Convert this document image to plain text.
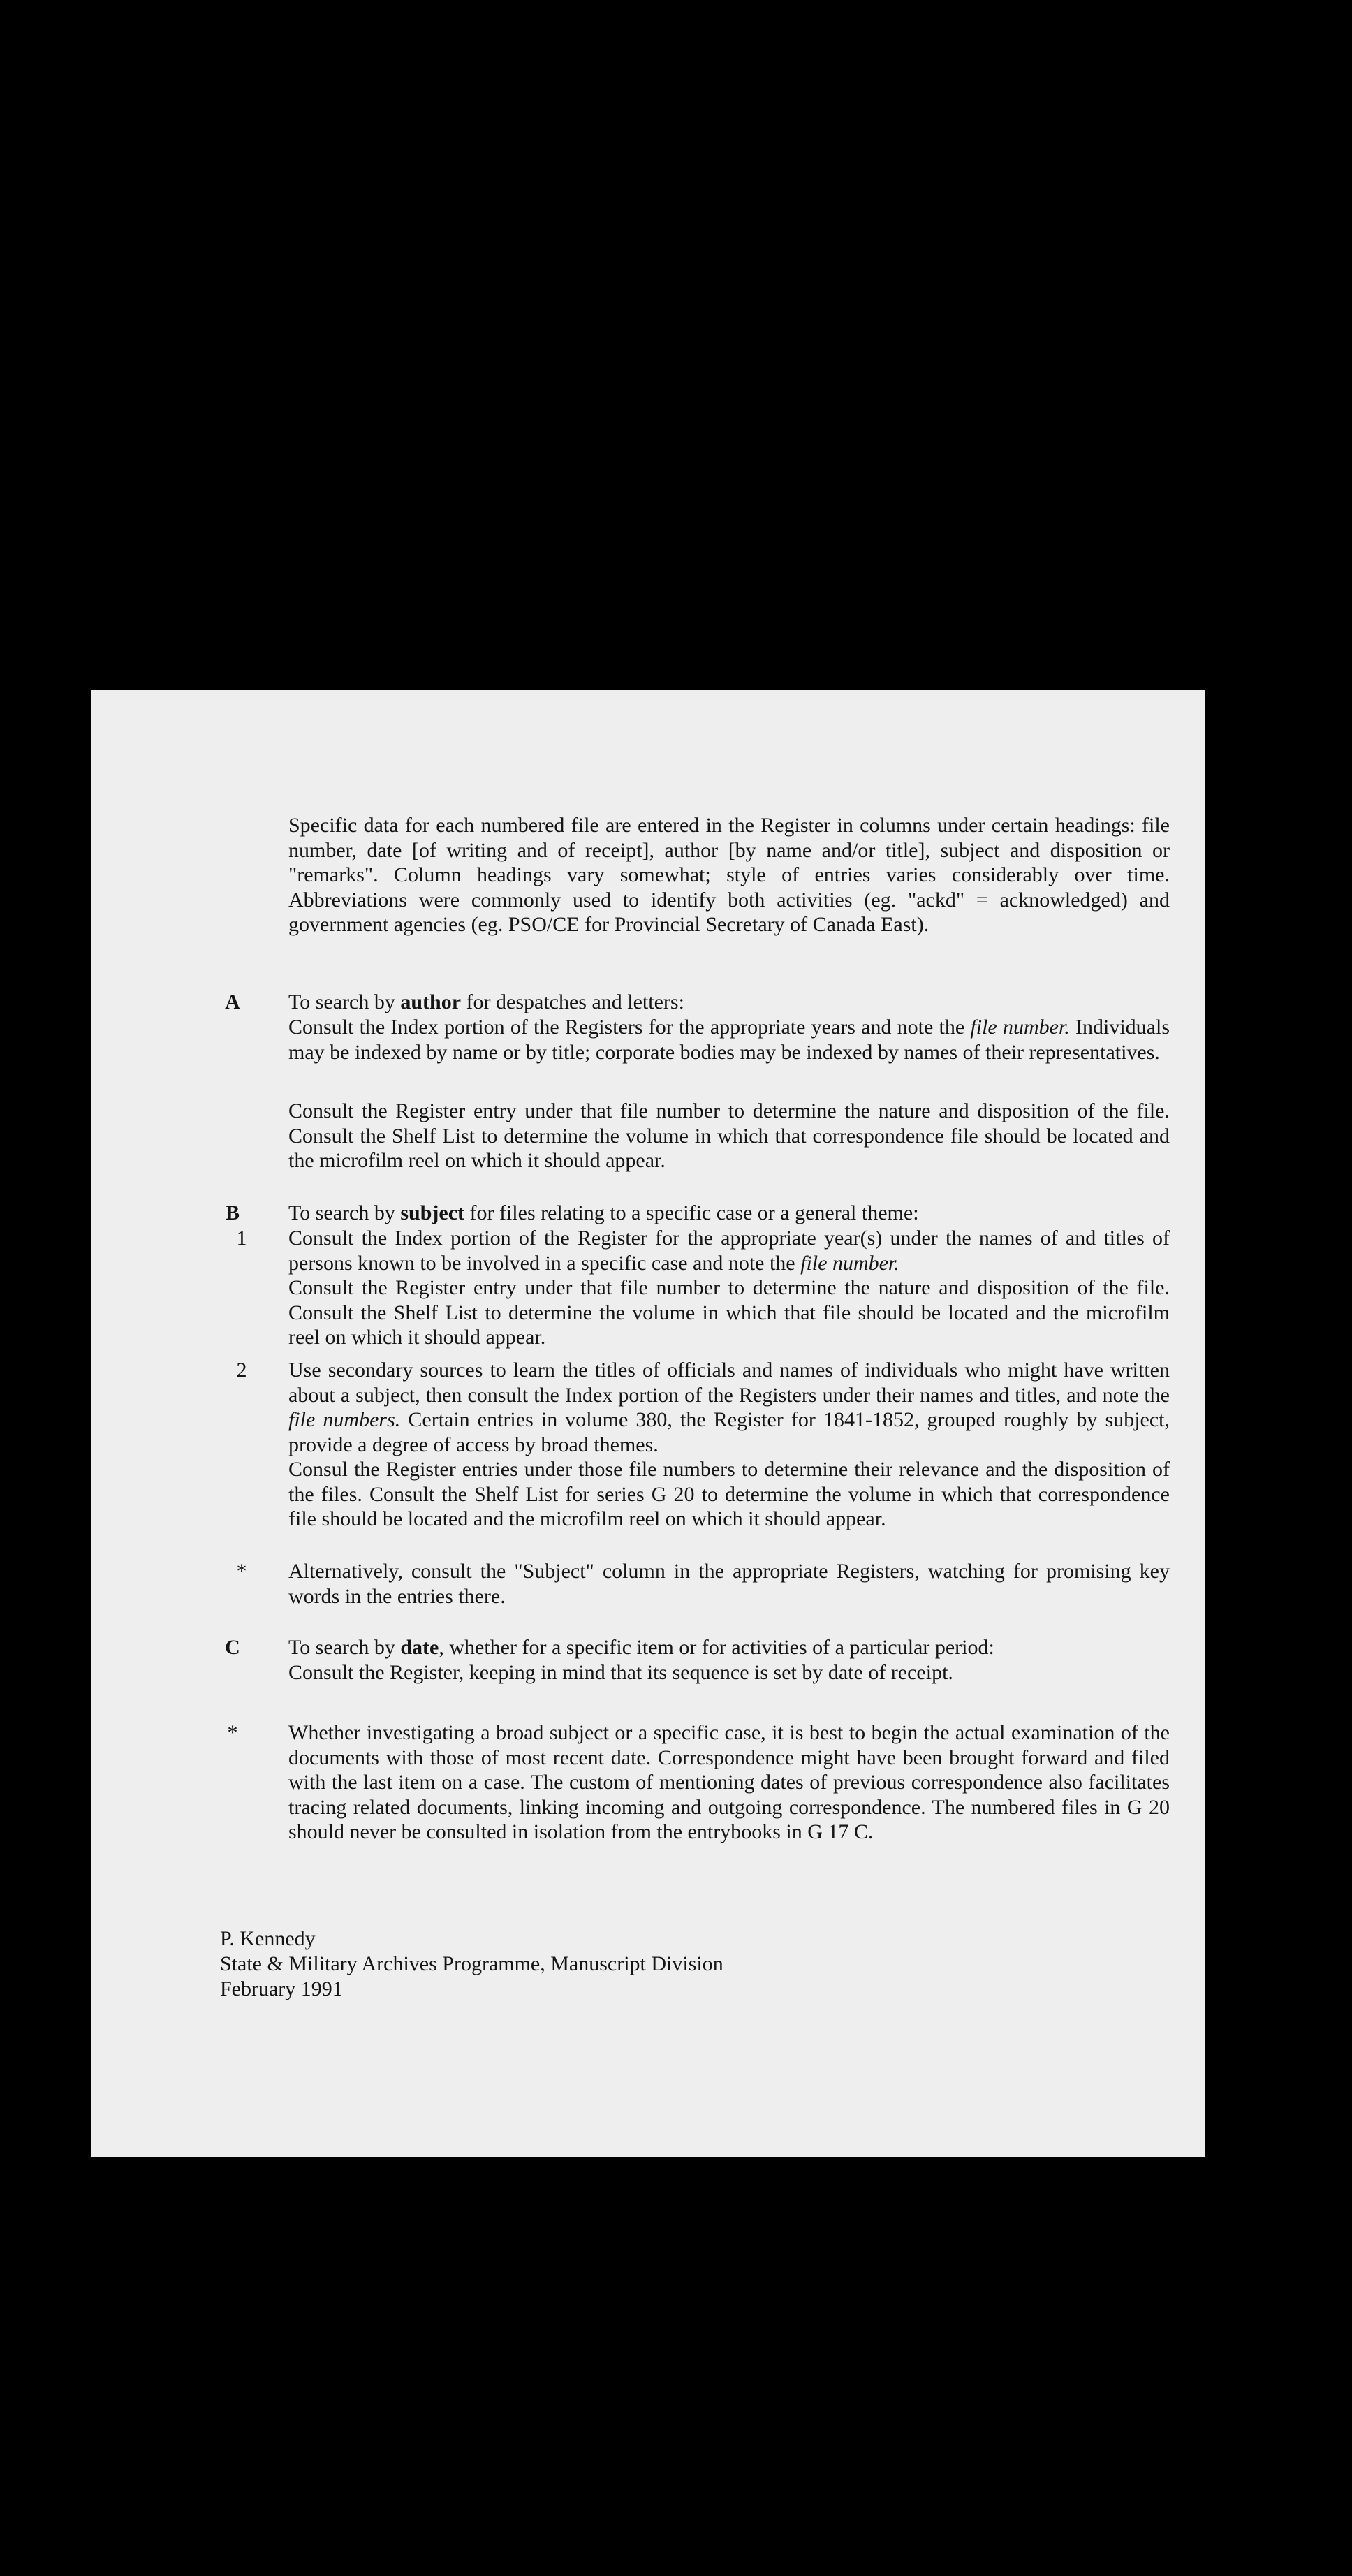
Specific data for each numbered file are entered in the Register in columns under certain headings: file number, date [of writing and of receipt], author [by name and/or title], subject and disposition or "remarks". Column headings vary somewhat; style of entries varies considerably over time. Abbreviations were commonly used to identify both activities (eg. "ackd" = acknowledged) and government agencies (eg. PSO/CE for Provincial Secretary of Canada East).

A	To search by author for despatches and letters:

Consult the Index portion of the Registers for the appropriate years and note the file number. Individuals may be indexed by name or by title; corporate bodies may be indexed by names of their representatives.

Consult the Register entry under that file number to determine the nature and disposition of the file. Consult the Shelf List to determine the volume in which that correspondence file should be located and the microfilm reel on which it should appear.

B	To search by subject for files relating to a specific case or a general theme:

1	Consult the Index portion of the Register for the appropriate year(s) under the names of and titles of persons known to be involved in a specific case and note the file number.

Consult the Register entry under that file number to determine the nature and disposition of the file. Consult the Shelf List to determine the volume in which that file should be located and the microfilm reel on which it should appear.

2	Use secondary sources to learn the titles of officials and names of individuals who might have written about a subject, then consult the Index portion of the Registers under their names and titles, and note the file numbers. Certain entries in volume 380, the Register for 1841-1852, grouped roughly by subject, provide a degree of access by broad themes.

Consul the Register entries under those file numbers to determine their relevance and the disposition of the files. Consult the Shelf List for series G 20 to determine the volume in which that correspondence file should be located and the microfilm reel on which it should appear.

*	Alternatively, consult the "Subject" column in the appropriate Registers, watching for promising key words in the entries there.

C	To search by date, whether for a specific item or for activities of a particular period:

Consult the Register, keeping in mind that its sequence is set by date of receipt.

*	Whether investigating a broad subject or a specific case, it is best to begin the actual examination of the documents with those of most recent date. Correspondence might have been brought forward and filed with the last item on a case. The custom of mentioning dates of previous correspondence also facilitates tracing related documents, linking incoming and outgoing correspondence. The numbered files in G 20 should never be consulted in isolation from the entrybooks in G 17 C.

P. Kennedy
State & Military Archives Programme, Manuscript Division
February 1991
